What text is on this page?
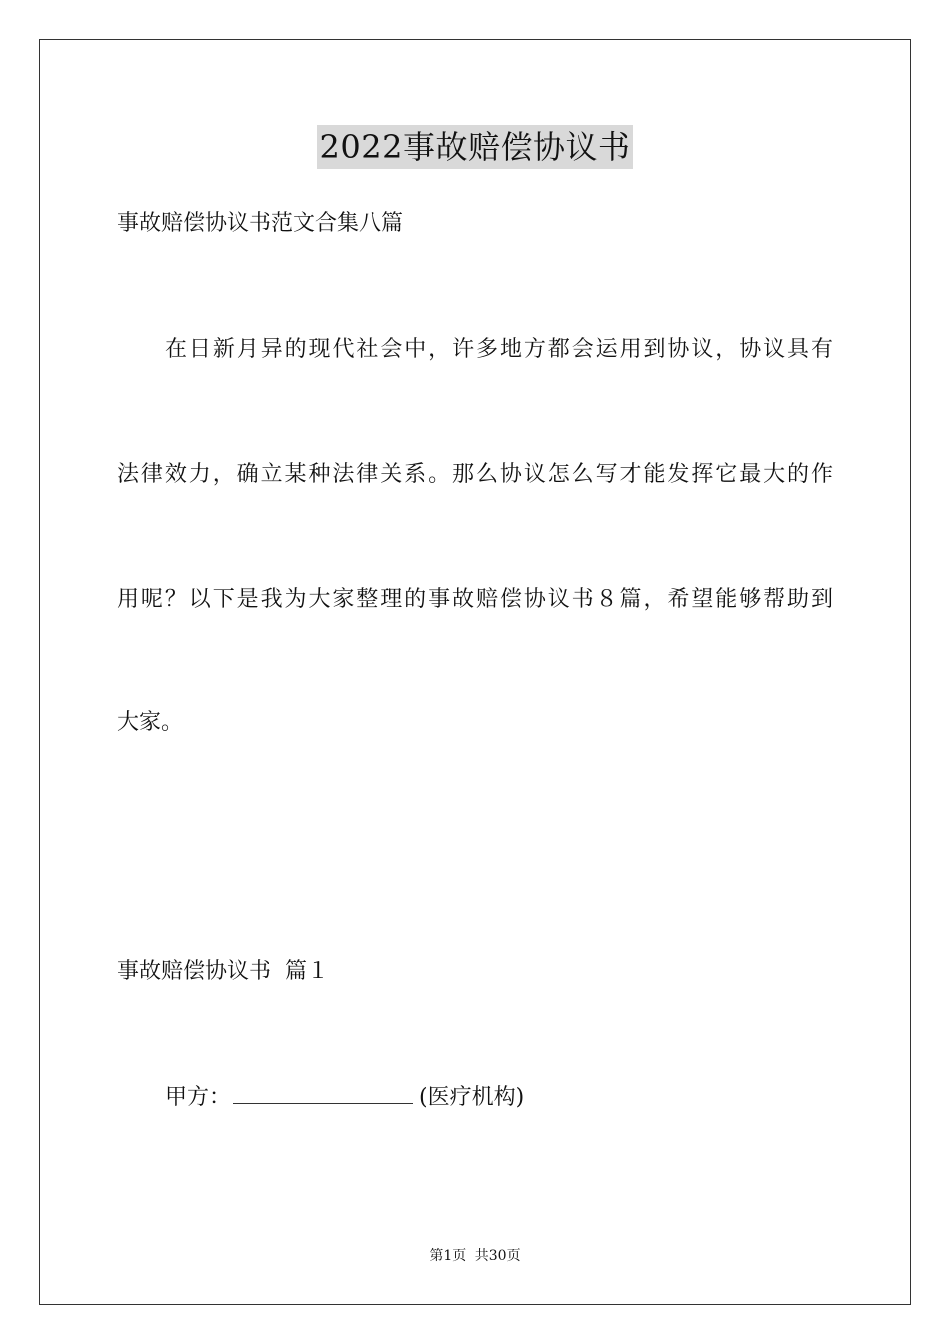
2022事故赔偿协议书
事故赔偿协议书范文合集八篇
在日新月异的现代社会中，许多地方都会运用到协议，协议具有
法律效力，确立某种法律关系。那么协议怎么写才能发挥它最大的作
用呢？以下是我为大家整理的事故赔偿协议书８篇，希望能够帮助到
大家。
事故赔偿协议书  篇１
甲方：	(医疗机构)
第1页 共30页
